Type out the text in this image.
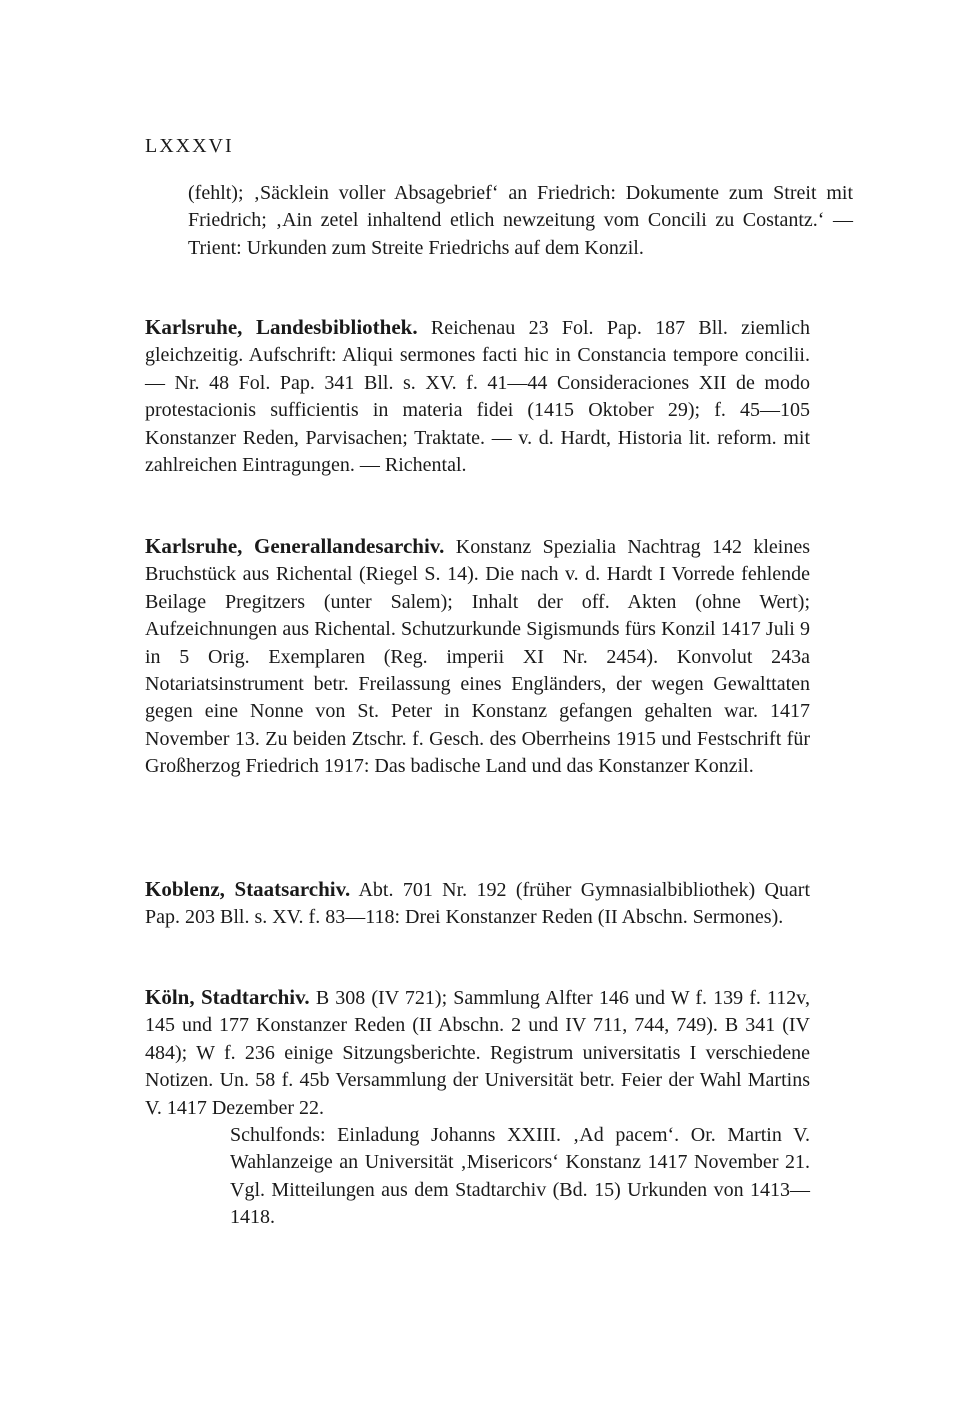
LXXXVI
(fehlt); ‚Säcklein voller Absagebrief‘ an Friedrich: Dokumente zum Streit mit Friedrich; ‚Ain zetel inhaltend etlich newzeitung vom Concili zu Costantz.‘ — Trient: Urkunden zum Streite Friedrichs auf dem Konzil.
Karlsruhe, Landesbibliothek. Reichenau 23 Fol. Pap. 187 Bll. ziemlich gleichzeitig. Aufschrift: Aliqui sermones facti hic in Constancia tempore concilii. — Nr. 48 Fol. Pap. 341 Bll. s. XV. f. 41—44 Consideraciones XII de modo protestacionis sufficientis in materia fidei (1415 Oktober 29); f. 45—105 Konstanzer Reden, Parvisachen; Traktate. — v. d. Hardt, Historia lit. reform. mit zahlreichen Eintragungen. — Richental.
Karlsruhe, Generallandesarchiv. Konstanz Spezialia Nachtrag 142 kleines Bruchstück aus Richental (Riegel S. 14). Die nach v. d. Hardt I Vorrede fehlende Beilage Pregitzers (unter Salem); Inhalt der off. Akten (ohne Wert); Aufzeichnungen aus Richental. Schutzurkunde Sigismunds fürs Konzil 1417 Juli 9 in 5 Orig. Exemplaren (Reg. imperii XI Nr. 2454). Konvolut 243a Notariatsinstrument betr. Freilassung eines Engländers, der wegen Gewalttaten gegen eine Nonne von St. Peter in Konstanz gefangen gehalten war. 1417 November 13. Zu beiden Ztschr. f. Gesch. des Oberrheins 1915 und Festschrift für Großherzog Friedrich 1917: Das badische Land und das Konstanzer Konzil.
Koblenz, Staatsarchiv. Abt. 701 Nr. 192 (früher Gymnasialbibliothek) Quart Pap. 203 Bll. s. XV. f. 83—118: Drei Konstanzer Reden (II Abschn. Sermones).
Köln, Stadtarchiv. B 308 (IV 721); Sammlung Alfter 146 und W f. 139 f. 112v, 145 und 177 Konstanzer Reden (II Abschn. 2 und IV 711, 744, 749). B 341 (IV 484); W f. 236 einige Sitzungsberichte. Registrum universitatis I verschiedene Notizen. Un. 58 f. 45b Versammlung der Universität betr. Feier der Wahl Martins V. 1417 Dezember 22.
Schulfonds: Einladung Johanns XXIII. ‚Ad pacem‘. Or. Martin V. Wahlanzeige an Universität ‚Misericors‘ Konstanz 1417 November 21. Vgl. Mitteilungen aus dem Stadtarchiv (Bd. 15) Urkunden von 1413—1418.
